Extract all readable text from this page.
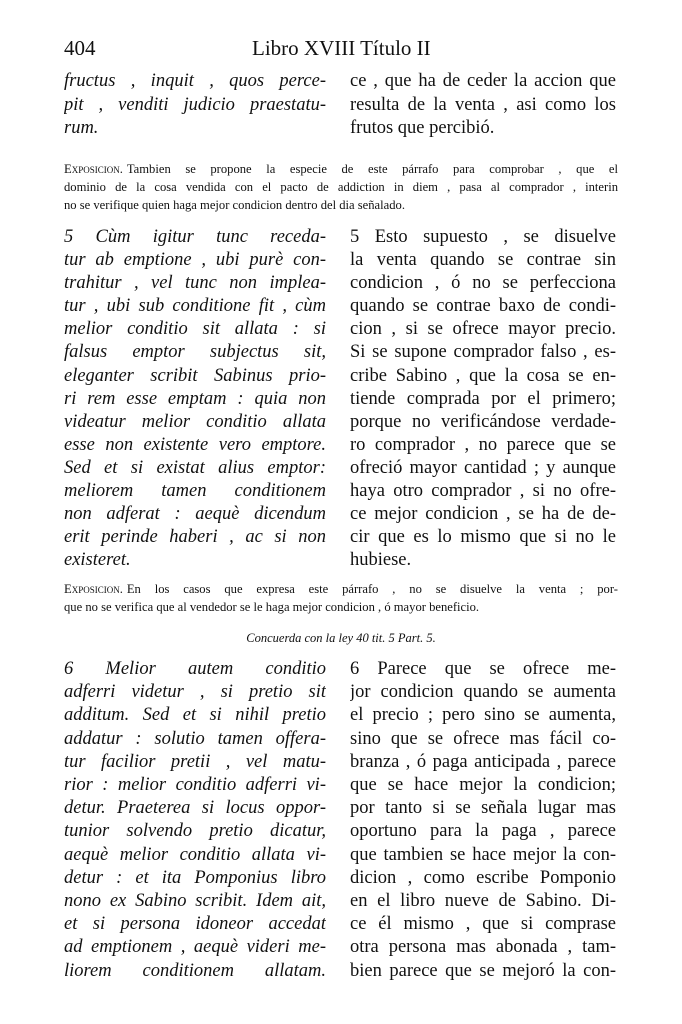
404	Libro XVIII Título II
fructus , inquit , quos perce-
pit , venditi judicio praestatu-
rum.
ce , que ha de ceder la accion que
resulta de la venta , asi como los
frutos que percibió.
Exposicion. Tambien se propone la especie de este párrafo para comprobar , que el
dominio de la cosa vendida con el pacto de addiction in diem , pasa al comprador , interin
no se verifique quien haga mejor condicion dentro del dia señalado.
5 Cùm igitur tunc receda-
tur ab emptione , ubi purè con-
trahitur , vel tunc non implea-
tur , ubi sub conditione fit , cùm
melior conditio sit allata : si
falsus emptor subjectus sit,
eleganter scribit Sabinus prio-
ri rem esse emptam : quia non
videatur melior conditio allata
esse non existente vero emptore.
Sed et si existat alius emptor:
meliorem tamen conditionem
non adferat : aequè dicendum
erit perinde haberi , ac si non
existeret.
5 Esto supuesto , se disuelve
la venta quando se contrae sin
condicion , ó no se perfecciona
quando se contrae baxo de condi-
cion , si se ofrece mayor precio.
Si se supone comprador falso , es-
cribe Sabino , que la cosa se en-
tiende comprada por el primero;
porque no verificándose verdade-
ro comprador , no parece que se
ofreció mayor cantidad ; y aunque
haya otro comprador , si no ofre-
ce mejor condicion , se ha de de-
cir que es lo mismo que si no le
hubiese.
Exposicion. En los casos que expresa este párrafo , no se disuelve la venta ; por-
que no se verifica que al vendedor se le haga mejor condicion , ó mayor beneficio.
Concuerda con la ley 40 tit. 5 Part. 5.
6 Melior autem conditio
adferri videtur , si pretio sit
additum. Sed et si nihil pretio
addatur : solutio tamen offera-
tur facilior pretii , vel matu-
rior : melior conditio adferri vi-
detur. Praeterea si locus oppor-
tunior solvendo pretio dicatur,
aequè melior conditio allata vi-
detur : et ita Pomponius libro
nono ex Sabino scribit. Idem ait,
et si persona idoneor accedat
ad emptionem , aequè videri me-
liorem conditionem allatam.
6 Parece que se ofrece me-
jor condicion quando se aumenta
el precio ; pero sino se aumenta,
sino que se ofrece mas fácil co-
branza , ó paga anticipada , parece
que se hace mejor la condicion;
por tanto si se señala lugar mas
oportuno para la paga , parece
que tambien se hace mejor la con-
dicion , como escribe Pomponio
en el libro nueve de Sabino. Di-
ce él mismo , que si comprase
otra persona mas abonada , tam-
bien parece que se mejoró la con-
